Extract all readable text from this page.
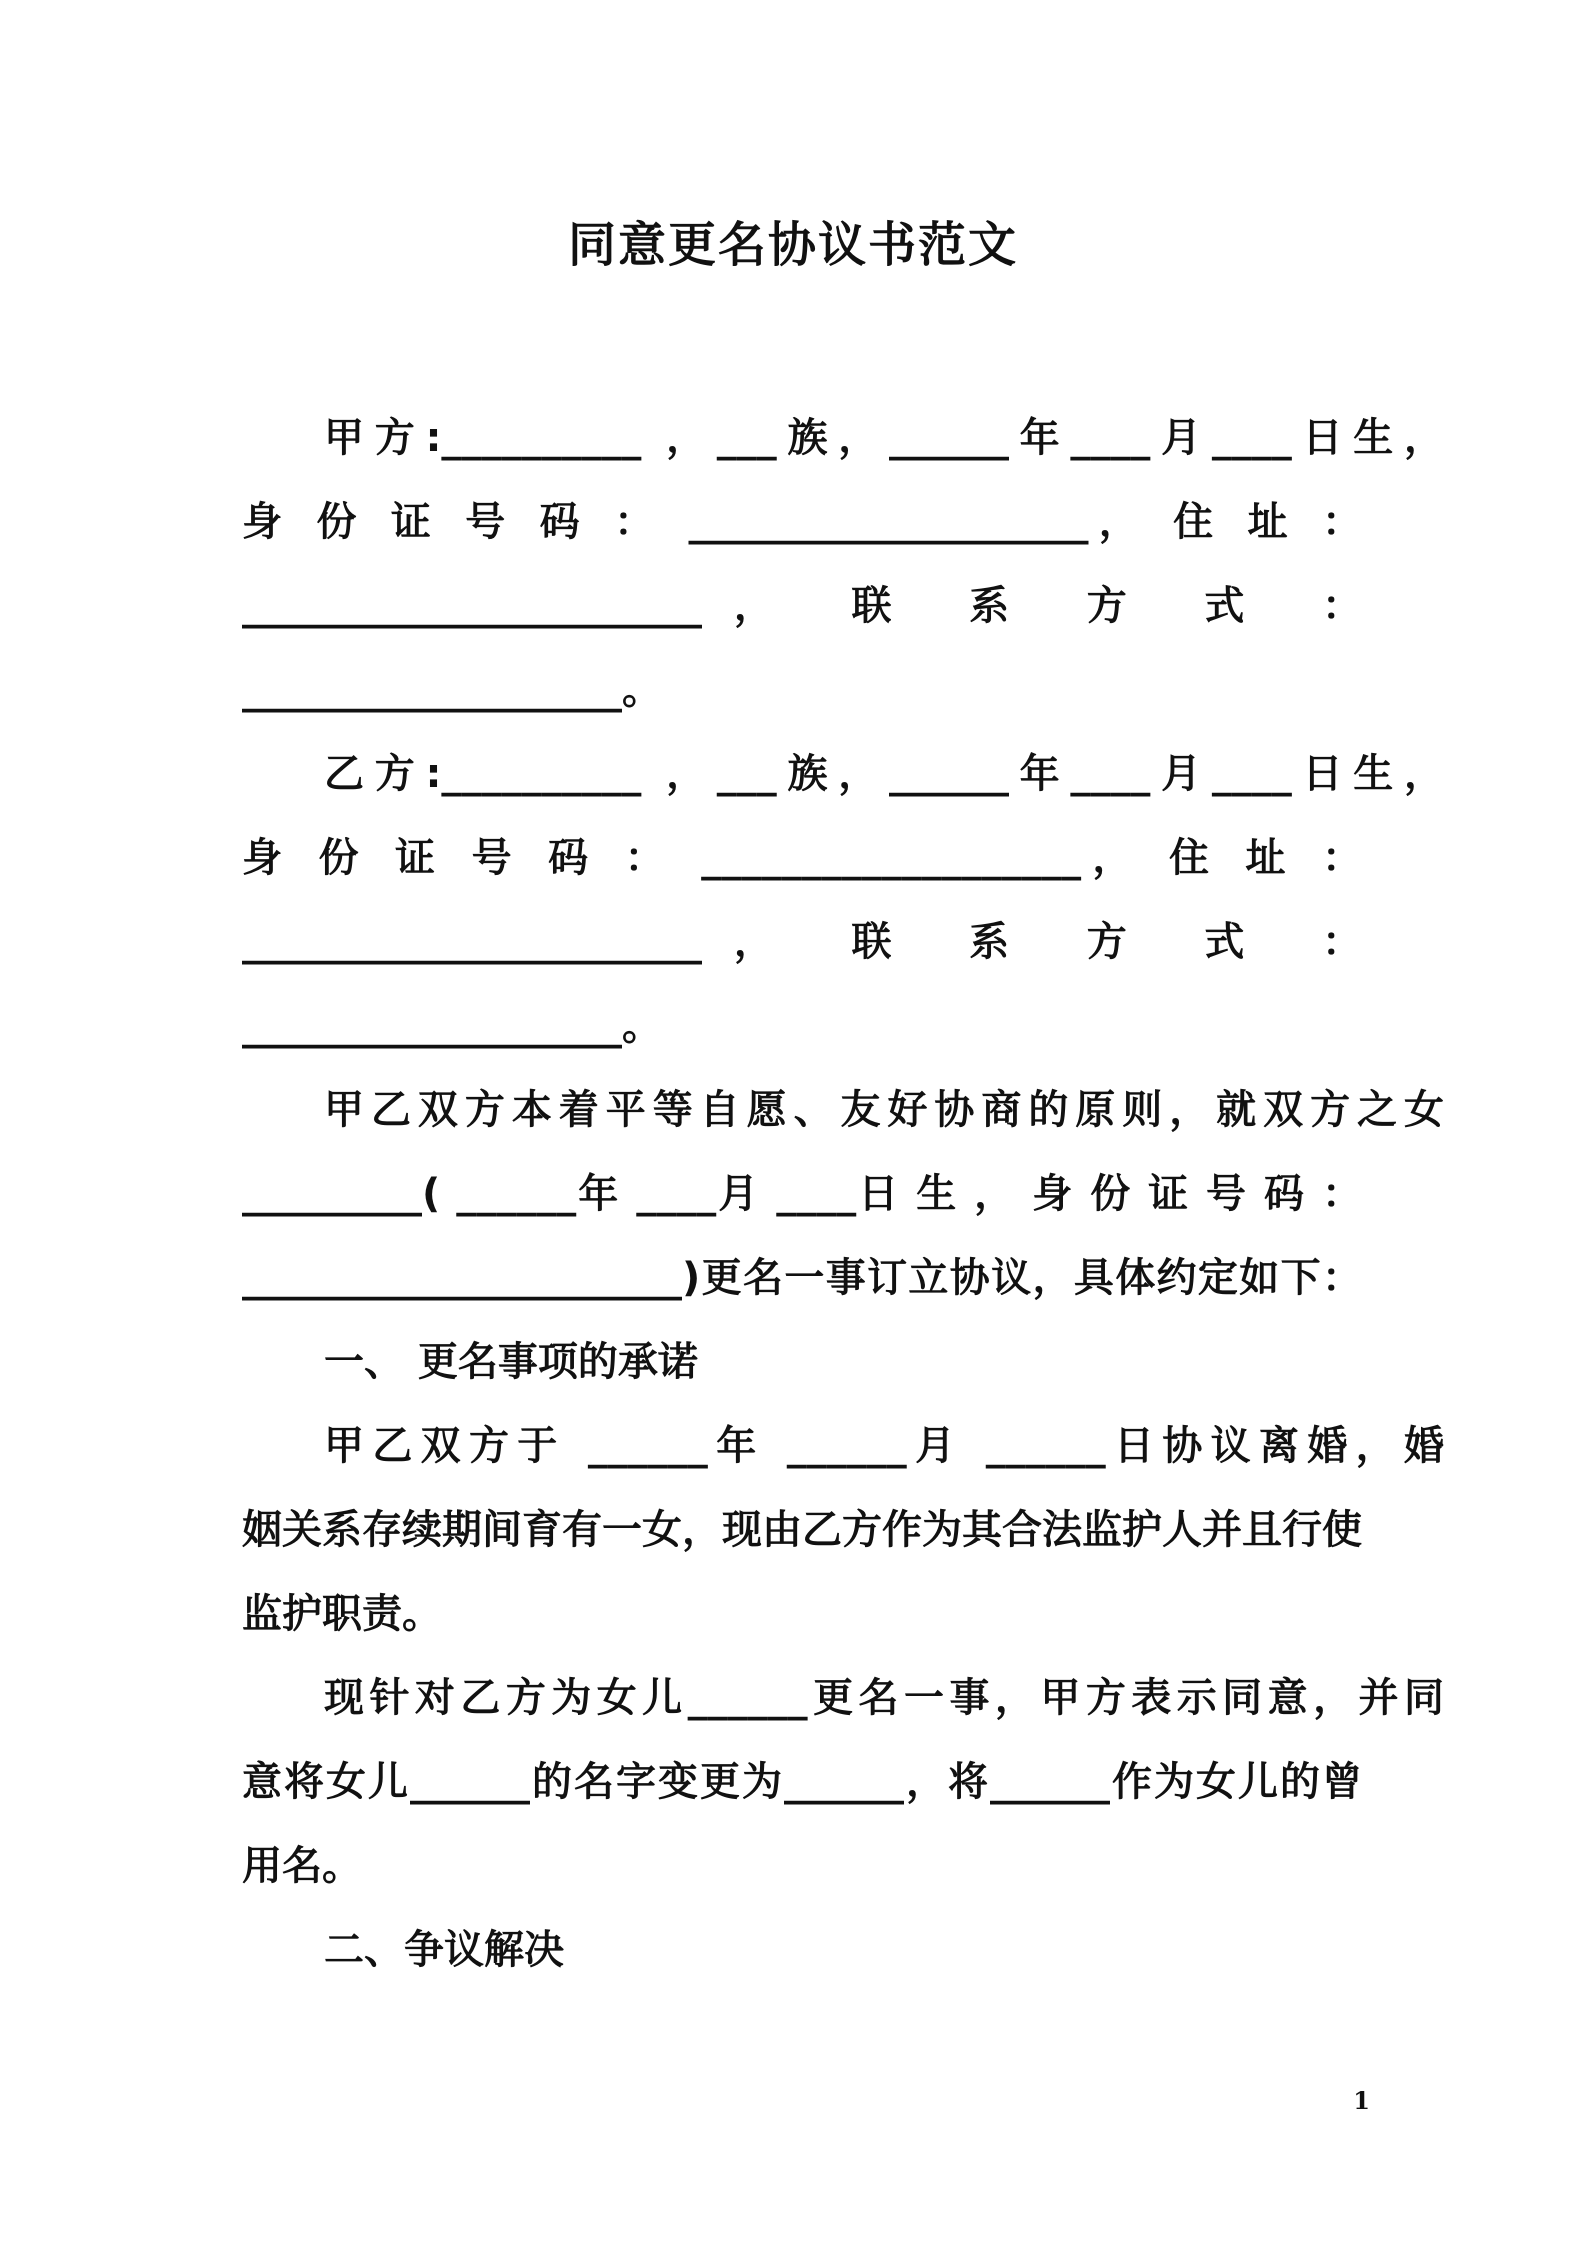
同意更名协议书范文

甲方:__________ ，___族，______年____月____日生，

身 份 证 号 码 ： ____________________， 住 址 ：

_______________________， 联 系 方 式 ：

___________________。

乙方:__________ ，___族，______年____月____日生，

身 份 证 号 码 ： ___________________， 住 址 ：

_______________________， 联 系 方 式 ：

___________________。

甲乙双方本着平等自愿、友好协商的原则，就双方之女

_________( ______年 ____月 ____日 生 ， 身 份 证 号 码 ：

______________________)更名一事订立协议，具体约定如下：

一、 更名事项的承诺

甲乙双方于 ______年 ______月 ______日协议离婚，婚

姻关系存续期间育有一女，现由乙方作为其合法监护人并且行使

监护职责。

现针对乙方为女儿______更名一事，甲方表示同意，并同

意将女儿______的名字变更为______，将______作为女儿的曾

用名。

二、争议解决

1
